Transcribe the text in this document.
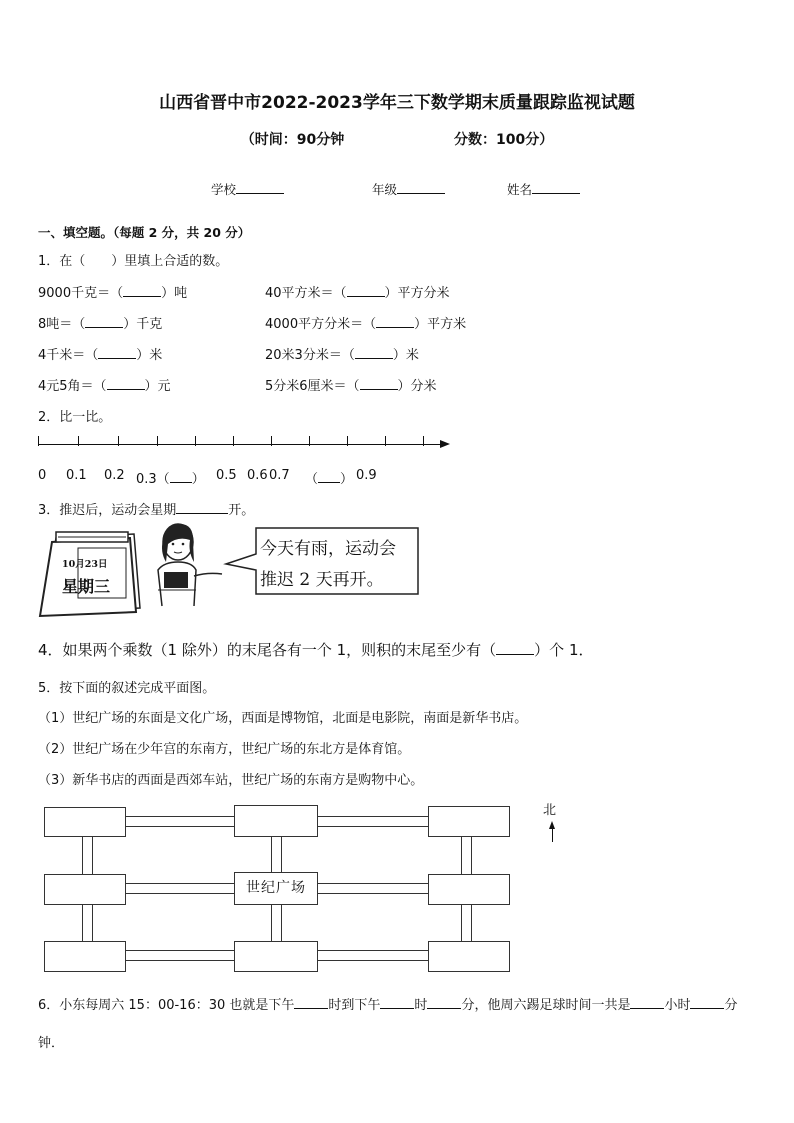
山西省晋中市2022-2023学年三下数学期末质量跟踪监视试题
（时间：90分钟	分数：100分）
学校	年级	姓名
一、填空题。（每题 2 分，共 20 分）
1．在（　　）里填上合适的数。
9000千克＝（	）吨	40平方米＝（	）平方分米
8吨＝（	）千克	4000平方分米＝（	）平方米
4千米＝（	）米	20米3分米＝（	）米
4元5角＝（	）元	5分米6厘米＝（	）分米
2．比一比。
0 0.1 0.2 0.3（ ） 0.5 0.6 0.7 （ ） 0.9
3．推迟后，运动会星期	开。
10月23日
星期三
今天有雨，运动会
推迟 2 天再开。
4．如果两个乘数（1 除外）的末尾各有一个 1，则积的末尾至少有（	）个 1．
5．按下面的叙述完成平面图。
（1）世纪广场的东面是文化广场，西面是博物馆，北面是电影院，南面是新华书店。
（2）世纪广场在少年宫的东南方，世纪广场的东北方是体育馆。
（3）新华书店的西面是西郊车站，世纪广场的东南方是购物中心。
世纪广场
北
6．小东每周六 15：00-16：30 也就是下午	时到下午	时	分，他周六踢足球时间一共是	小时	分
钟．
